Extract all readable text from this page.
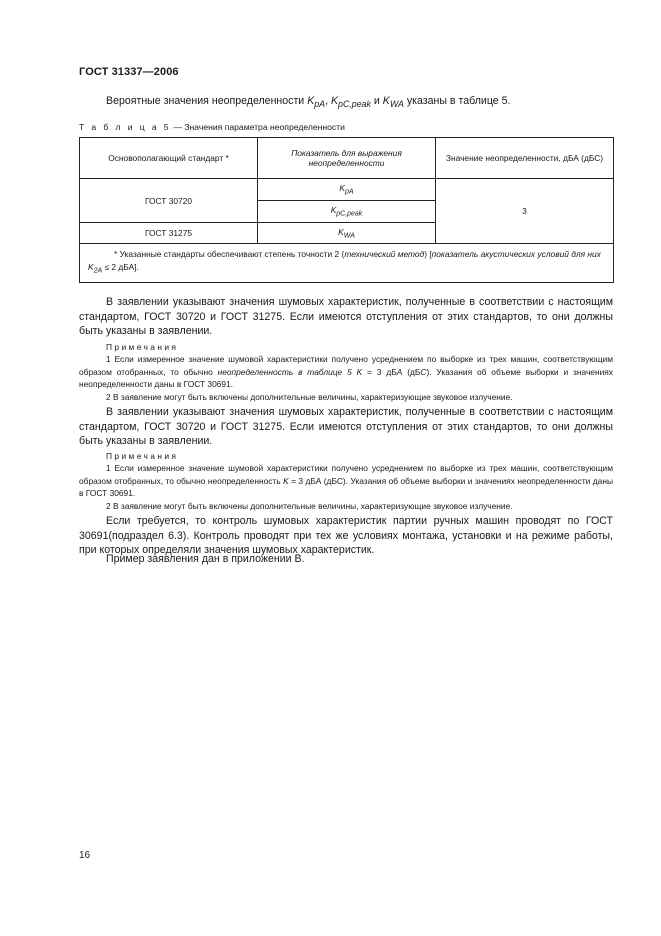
ГОСТ 31337—2006
Вероятные значения неопределенности $K_{pA}$, $K_{pC,peak}$ и $K_{WA}$ указаны в таблице 5.
Т а б л и ц а 5 — Значения параметра неопределенности
Основополагающий стандарт *	Показатель для выражения неопределенности	Значение неопределенности, дБА (дБС)
ГОСТ 30720	$K_{pA}$	3
	$K_{pC,peak}$
ГОСТ 31275	$K_{WA}$
* Указанные стандарты обеспечивают степень точности 2 (технический метод) [показатель акустических условий для них $K_{2A} \le 2$ дБА].		
В заявлении указывают значения шумовых характеристик, полученные в соответствии с настоящим стандартом, ГОСТ 30720 и ГОСТ 31275. Если имеются отступления от этих стандартов, то они должны быть указаны в заявлении.

Примечания

1 Если измеренное значение шумовой характеристики получено усреднением по выборке из трех машин, соответствующим образом отобранных, то обычно неопределенность в таблице 5 K = 3 дБA (дБC). Указания об объеме выборки и значениях неопределенности даны в ГОСТ 30691.

2 В заявление могут быть включены дополнительные величины, характеризующие звуковое излучение.

В заявлении указывают значения шумовых характеристик, полученные в соответствии с настоящим стандартом, ГОСТ 30720 и ГОСТ 31275. Если имеются отступления от этих стандартов, то они должны быть указаны в заявлении.

Примечания

1 Если измеренное значение шумовой характеристики получено усреднением по выборке из трех машин, соответствующим образом отобранных, то обычно неопределенность K = 3 дБА (дБС). Указания об объеме выборки и значениях неопределенности даны в ГОСТ 30691.

2 В заявление могут быть включены дополнительные величины, характеризующие звуковое излучение.

Если требуется, то контроль шумовых характеристик партии ручных машин проводят по ГОСТ 30691(подраздел 6.3). Контроль проводят при тех же условиях монтажа, установки и на режиме работы, при которых определяли значения шумовых характеристик.
Пример заявления дан в приложении В.
16
